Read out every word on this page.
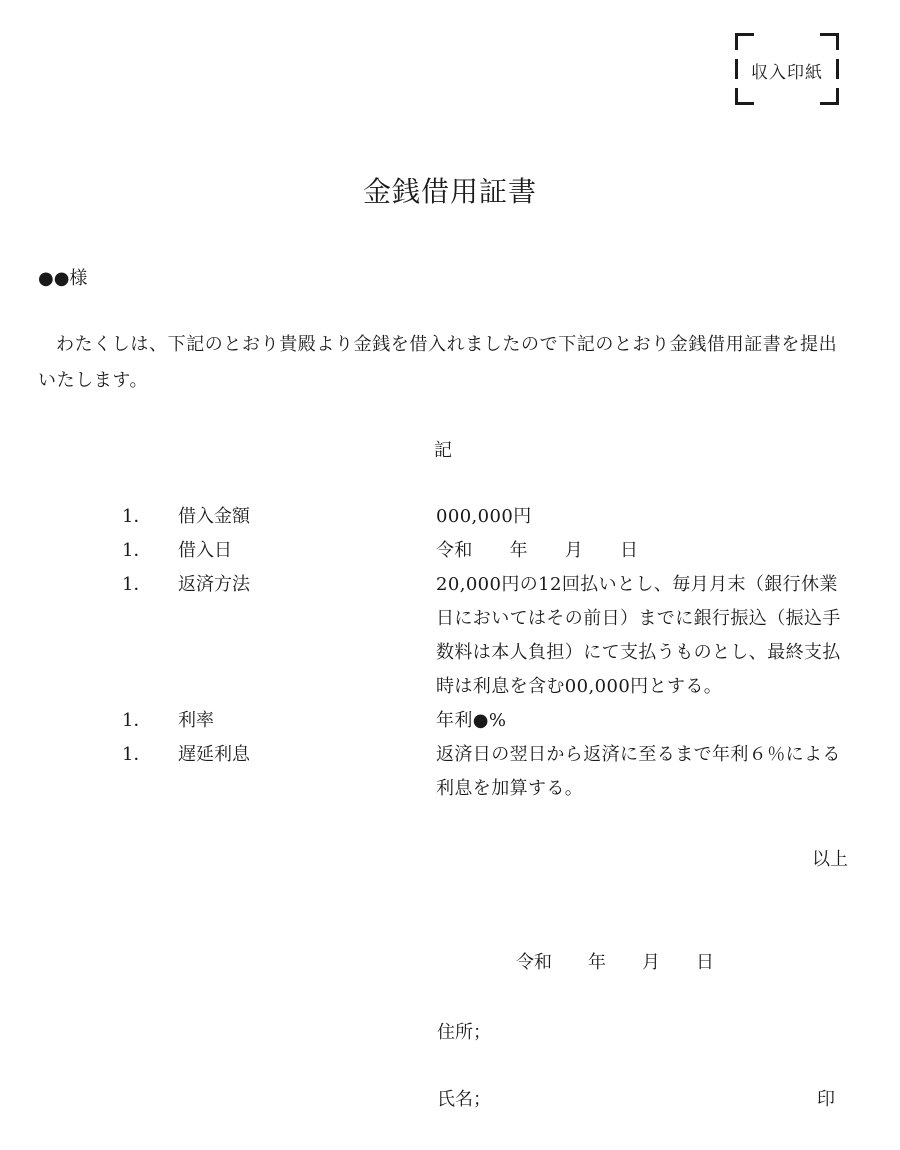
収入印紙
金銭借用証書
●●様
わたくしは、下記のとおり貴殿より金銭を借入れましたので下記のとおり金銭借用証書を提出いたします。
記
1．	借入金額	000,000円
1．	借入日	令和　　年　　月　　日
1．	返済方法	20,000円の12回払いとし、毎月月末（銀行休業日においてはその前日）までに銀行振込（振込手数料は本人負担）にて支払うものとし、最終支払時は利息を含む00,000円とする。
1．	利率	年利●%
1．	遅延利息	返済日の翌日から返済に至るまで年利６％による利息を加算する。
以上
令和　　年　　月　　日
住所；
氏名；	印
